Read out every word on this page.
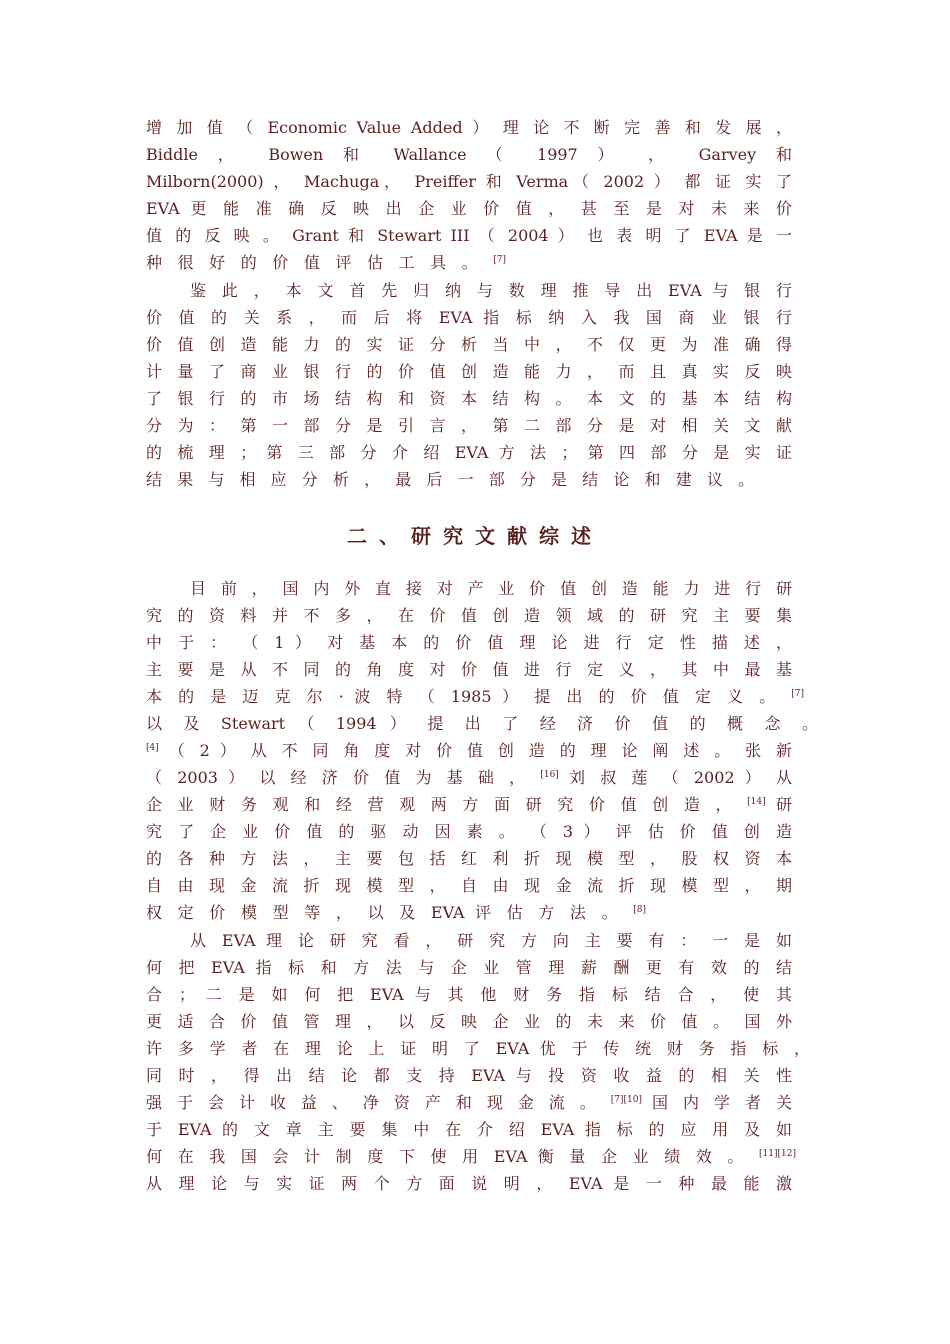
增 加 值 （ Economic Value Added ） 理 论 不 断 完 善 和 发 展 ，
Biddle ， Bowen 和 Wallance （ 1997 ） ， Garvey 和
Milborn(2000) ， Machuga， Preiffer 和 Verma（ 2002 ） 都 证 实 了
EVA 更 能 准 确 反 映 出 企 业 价 值 ， 甚 至 是 对 未 来 价
值 的 反 映 。 Grant 和 Stewart III （ 2004 ） 也 表 明 了 EVA 是 一
种 很 好 的 价 值 评 估 工 具 。 [7]
鉴 此 ， 本 文 首 先 归 纳 与 数 理 推 导 出 EVA 与 银 行
价 值 的 关 系 ， 而 后 将 EVA 指 标 纳 入 我 国 商 业 银 行
价 值 创 造 能 力 的 实 证 分 析 当 中 ， 不 仅 更 为 准 确 得
计 量 了 商 业 银 行 的 价 值 创 造 能 力 ， 而 且 真 实 反 映
了 银 行 的 市 场 结 构 和 资 本 结 构 。 本 文 的 基 本 结 构
分 为 ： 第 一 部 分 是 引 言 ， 第 二 部 分 是 对 相 关 文 献
的 梳 理 ； 第 三 部 分 介 绍 EVA 方 法 ； 第 四 部 分 是 实 证
结 果 与 相 应 分 析 ， 最 后 一 部 分 是 结 论 和 建 议 。
二、研究文献综述
目 前 ， 国 内 外 直 接 对 产 业 价 值 创 造 能 力 进 行 研
究 的 资 料 并 不 多 ， 在 价 值 创 造 领 域 的 研 究 主 要 集
中 于 ： （ 1 ） 对 基 本 的 价 值 理 论 进 行 定 性 描 述 ，
主 要 是 从 不 同 的 角 度 对 价 值 进 行 定 义 ， 其 中 最 基
本 的 是 迈 克 尔 · 波 特 （ 1985 ） 提 出 的 价 值 定 义 。 [7]
以 及 Stewart （ 1994 ） 提 出 了 经 济 价 值 的 概 念 。
[4] （ 2 ） 从 不 同 角 度 对 价 值 创 造 的 理 论 阐 述 。 张 新
（ 2003 ） 以 经 济 价 值 为 基 础 ， [16] 刘 叔 莲 （ 2002 ） 从
企 业 财 务 观 和 经 营 观 两 方 面 研 究 价 值 创 造 ， [14] 研
究 了 企 业 价 值 的 驱 动 因 素 。 （ 3 ） 评 估 价 值 创 造
的 各 种 方 法 ， 主 要 包 括 红 利 折 现 模 型 ， 股 权 资 本
自 由 现 金 流 折 现 模 型 ， 自 由 现 金 流 折 现 模 型 ， 期
权 定 价 模 型 等 ， 以 及 EVA 评 估 方 法 。 [8]
从 EVA 理 论 研 究 看 ， 研 究 方 向 主 要 有 ： 一 是 如
何 把 EVA 指 标 和 方 法 与 企 业 管 理 薪 酬 更 有 效 的 结
合 ； 二 是 如 何 把 EVA 与 其 他 财 务 指 标 结 合 ， 使 其
更 适 合 价 值 管 理 ， 以 反 映 企 业 的 未 来 价 值 。 国 外
许 多 学 者 在 理 论 上 证 明 了 EVA 优 于 传 统 财 务 指 标 ，
同 时 ， 得 出 结 论 都 支 持 EVA 与 投 资 收 益 的 相 关 性
强 于 会 计 收 益 、 净 资 产 和 现 金 流 。 [7][10] 国 内 学 者 关
于 EVA 的 文 章 主 要 集 中 在 介 绍 EVA 指 标 的 应 用 及 如
何 在 我 国 会 计 制 度 下 使 用 EVA 衡 量 企 业 绩 效 。 [11][12]
从 理 论 与 实 证 两 个 方 面 说 明 ， EVA 是 一 种 最 能 激
